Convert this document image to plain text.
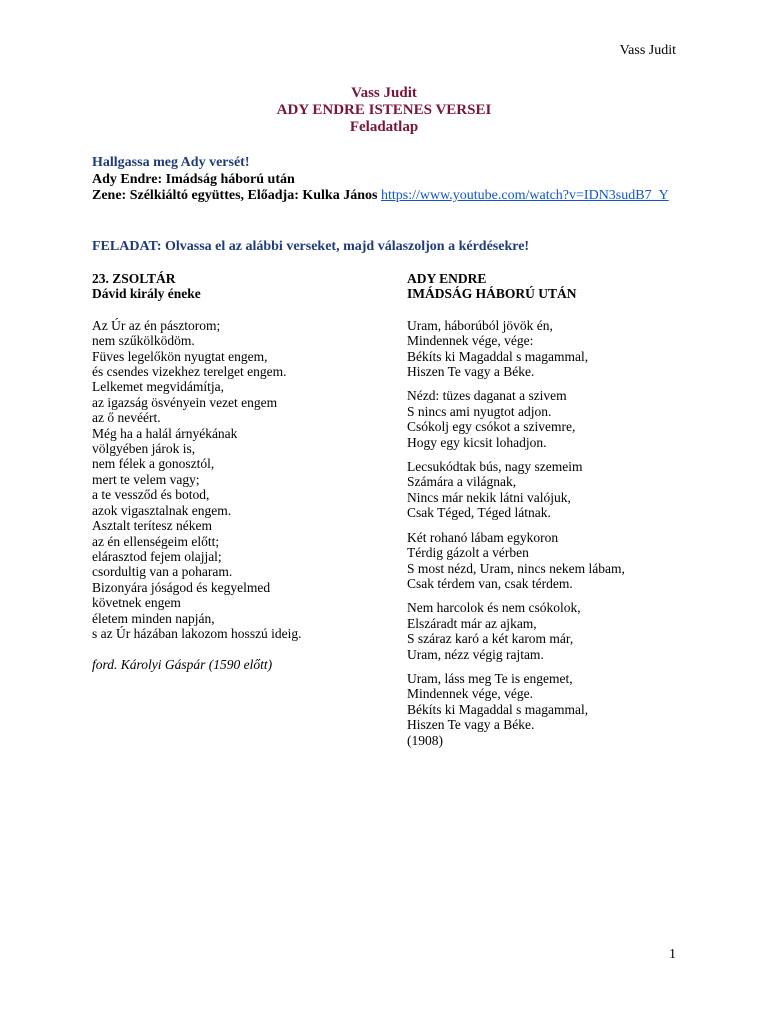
Vass Judit
Vass Judit
ADY ENDRE ISTENES VERSEI
Feladatlap
Hallgassa meg Ady versét!
Ady Endre: Imádság háború után
Zene: Szélkiáltó együttes, Előadja: Kulka János https://www.youtube.com/watch?v=IDN3sudB7_Y
FELADAT: Olvassa el az alábbi verseket, majd válaszoljon a kérdésekre!
23. ZSOLTÁR
Dávid király éneke
Az Úr az én pásztorom;
nem szűkölködöm.
Füves legelőkön nyugtat engem,
és csendes vizekhez terelget engem.
Lelkemet megvidámítja,
az igazság ösvényein vezet engem
az ő nevéért.
Még ha a halál árnyékának
völgyében járok is,
nem félek a gonosztól,
mert te velem vagy;
a te vessződ és botod,
azok vigasztalnak engem.
Asztalt terítesz nékem
az én ellenségeim előtt;
elárasztod fejem olajjal;
csordultig van a poharam.
Bizonyára jóságod és kegyelmed
követnek engem
életem minden napján,
s az Úr házában lakozom hosszú ideig.
ford. Károlyi Gáspár (1590 előtt)
ADY ENDRE
IMÁDSÁG HÁBORÚ UTÁN
Uram, háborúból jövök én,
Mindennek vége, vége:
Békíts ki Magaddal s magammal,
Hiszen Te vagy a Béke.
Nézd: tüzes daganat a szivem
S nincs ami nyugtot adjon.
Csókolj egy csókot a szivemre,
Hogy egy kicsit lohadjon.
Lecsukódtak bús, nagy szemeim
Számára a világnak,
Nincs már nekik látni valójuk,
Csak Téged, Téged látnak.
Két rohanó lábam egykoron
Térdig gázolt a vérben
S most nézd, Uram, nincs nekem lábam,
Csak térdem van, csak térdem.
Nem harcolok és nem csókolok,
Elszáradt már az ajkam,
S száraz karó a két karom már,
Uram, nézz végig rajtam.
Uram, láss meg Te is engemet,
Mindennek vége, vége.
Békíts ki Magaddal s magammal,
Hiszen Te vagy a Béke.
(1908)
1
